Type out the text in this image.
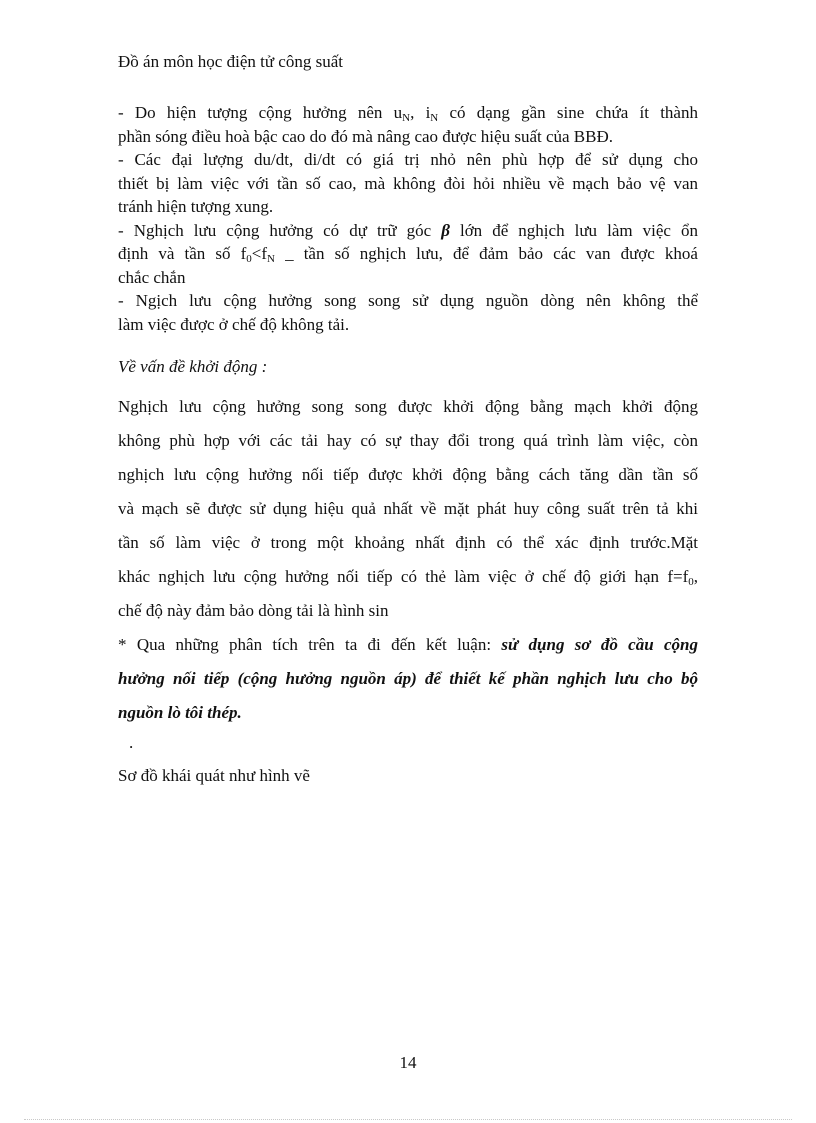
Đồ án môn học điện tử công suất
- Do hiện tượng cộng hưởng nên $u_N$, $i_N$ có dạng gần sine chứa ít thành
phần sóng điều hoà bậc cao do đó mà nâng cao được hiệu suất của BBĐ.
- Các đại lượng du/dt, di/dt có giá trị nhỏ nên phù hợp để sử dụng cho
thiết bị làm việc với tần số cao, mà không đòi hỏi nhiều về mạch bảo vệ van
tránh hiện tượng xung.
- Nghịch lưu cộng hưởng có dự trữ góc β lớn để nghịch lưu làm việc ổn
định và tần số $f_0<f_N$ _ tần số nghịch lưu, để đảm bảo các van được khoá
chắc chắn
- Ngịch lưu cộng hưởng song song sử dụng nguồn dòng nên không thể
làm việc được ở chế độ không tải.
Về vấn đề khởi động :
Nghịch lưu cộng hưởng song song được khởi động bằng mạch khởi động
không phù hợp với các tải hay có sự thay đổi trong quá trình làm việc, còn
nghịch lưu cộng hưởng nối tiếp được khởi động bằng cách tăng dần tần số
và mạch sẽ được sử dụng hiệu quả nhất về mặt phát huy công suất trên tả khi
tần số làm việc ở trong một khoảng nhất định có thể xác định trước.Mặt
khác nghịch lưu cộng hưởng nối tiếp có thẻ làm việc ở chế độ giới hạn $f=f_0$,
chế độ này đảm bảo dòng tải là hình sin
* Qua những phân tích trên ta đi đến kết luận: sử dụng sơ đồ cầu cộng
hưởng nối tiếp (cộng hưởng nguồn áp) để thiết kế phần nghịch lưu cho bộ
nguồn lò tôi thép.
.
Sơ đồ khái quát như hình vẽ
14
